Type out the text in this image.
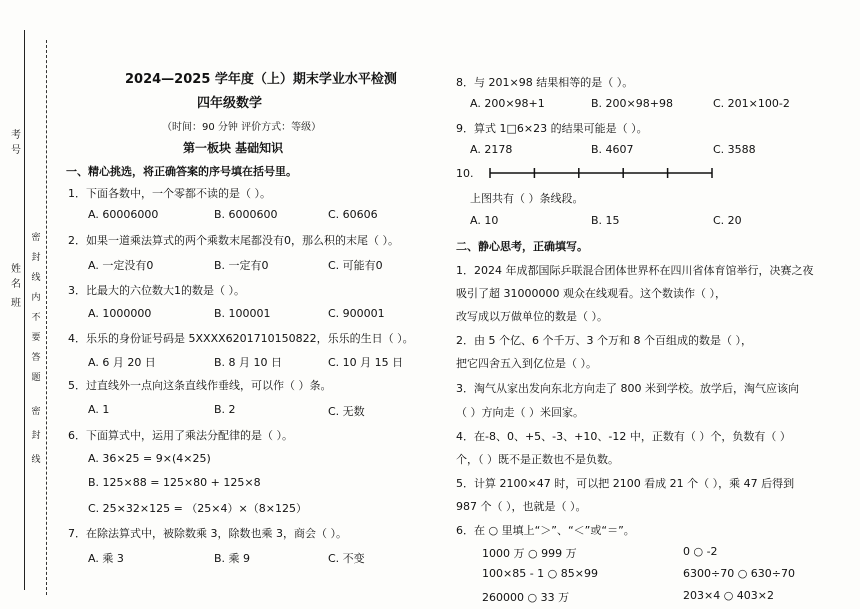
考号
姓名
班
密封线内不要答题
密封线
2024—2025 学年度（上）期末学业水平检测
四年级数学
（时间：90 分钟 评价方式：等级）
第一板块 基础知识
一、精心挑选，将正确答案的序号填在括号里。
1．下面各数中，一个零都不读的是（ ）。
A. 60006000	B. 6000600	C. 60606
2．如果一道乘法算式的两个乘数末尾都没有0，那么积的末尾（ ）。
A. 一定没有0	B. 一定有0	C. 可能有0
3．比最大的六位数大1的数是（ ）。
A. 1000000	B. 100001	C. 900001
4．乐乐的身份证号码是 5XXXX6201710150822，乐乐的生日（ ）。
A. 6 月 20 日	B. 8 月 10 日	C. 10 月 15 日
5．过直线外一点向这条直线作垂线，可以作（ ）条。
A. 1	B. 2	C. 无数
6．下面算式中，运用了乘法分配律的是（ ）。
A. 36×25 = 9×(4×25)
B. 125×88 = 125×80 + 125×8
C. 25×32×125 = （25×4）×（8×125）
7．在除法算式中，被除数乘 3，除数也乘 3，商会（ ）。
A. 乘 3	B. 乘 9	C. 不变
8．与 201×98 结果相等的是（ ）。
A. 200×98+1	B. 200×98+98	C. 201×100-2
9．算式 1□6×23 的结果可能是（ ）。
A. 2178	B. 4607	C. 3588
10.
上图共有（ ）条线段。
A. 10	B. 15	C. 20
二、静心思考，正确填写。
1．2024 年成都国际乒联混合团体世界杯在四川省体育馆举行，决赛之夜
吸引了超 31000000 观众在线观看。这个数读作（ ），
改写成以万做单位的数是（ ）。
2．由 5 个亿、6 个千万、3 个万和 8 个百组成的数是（ ），
把它四舍五入到亿位是（ ）。
3．淘气从家出发向东北方向走了 800 米到学校。放学后，淘气应该向
（ ）方向走（ ）米回家。
4．在-8、0、+5、-3、+10、-12 中，正数有（ ）个，负数有（ ）
个，（ ）既不是正数也不是负数。
5．计算 2100×47 时，可以把 2100 看成 21 个（ ），乘 47 后得到
987 个（ ），也就是（ ）。
6．在 ○ 里填上“＞”、“＜”或“＝”。
1000 万 ○ 999 万	0 ○ -2
100×85 - 1 ○ 85×99	6300÷70 ○ 630÷70
260000 ○ 33 万	203×4 ○ 403×2
